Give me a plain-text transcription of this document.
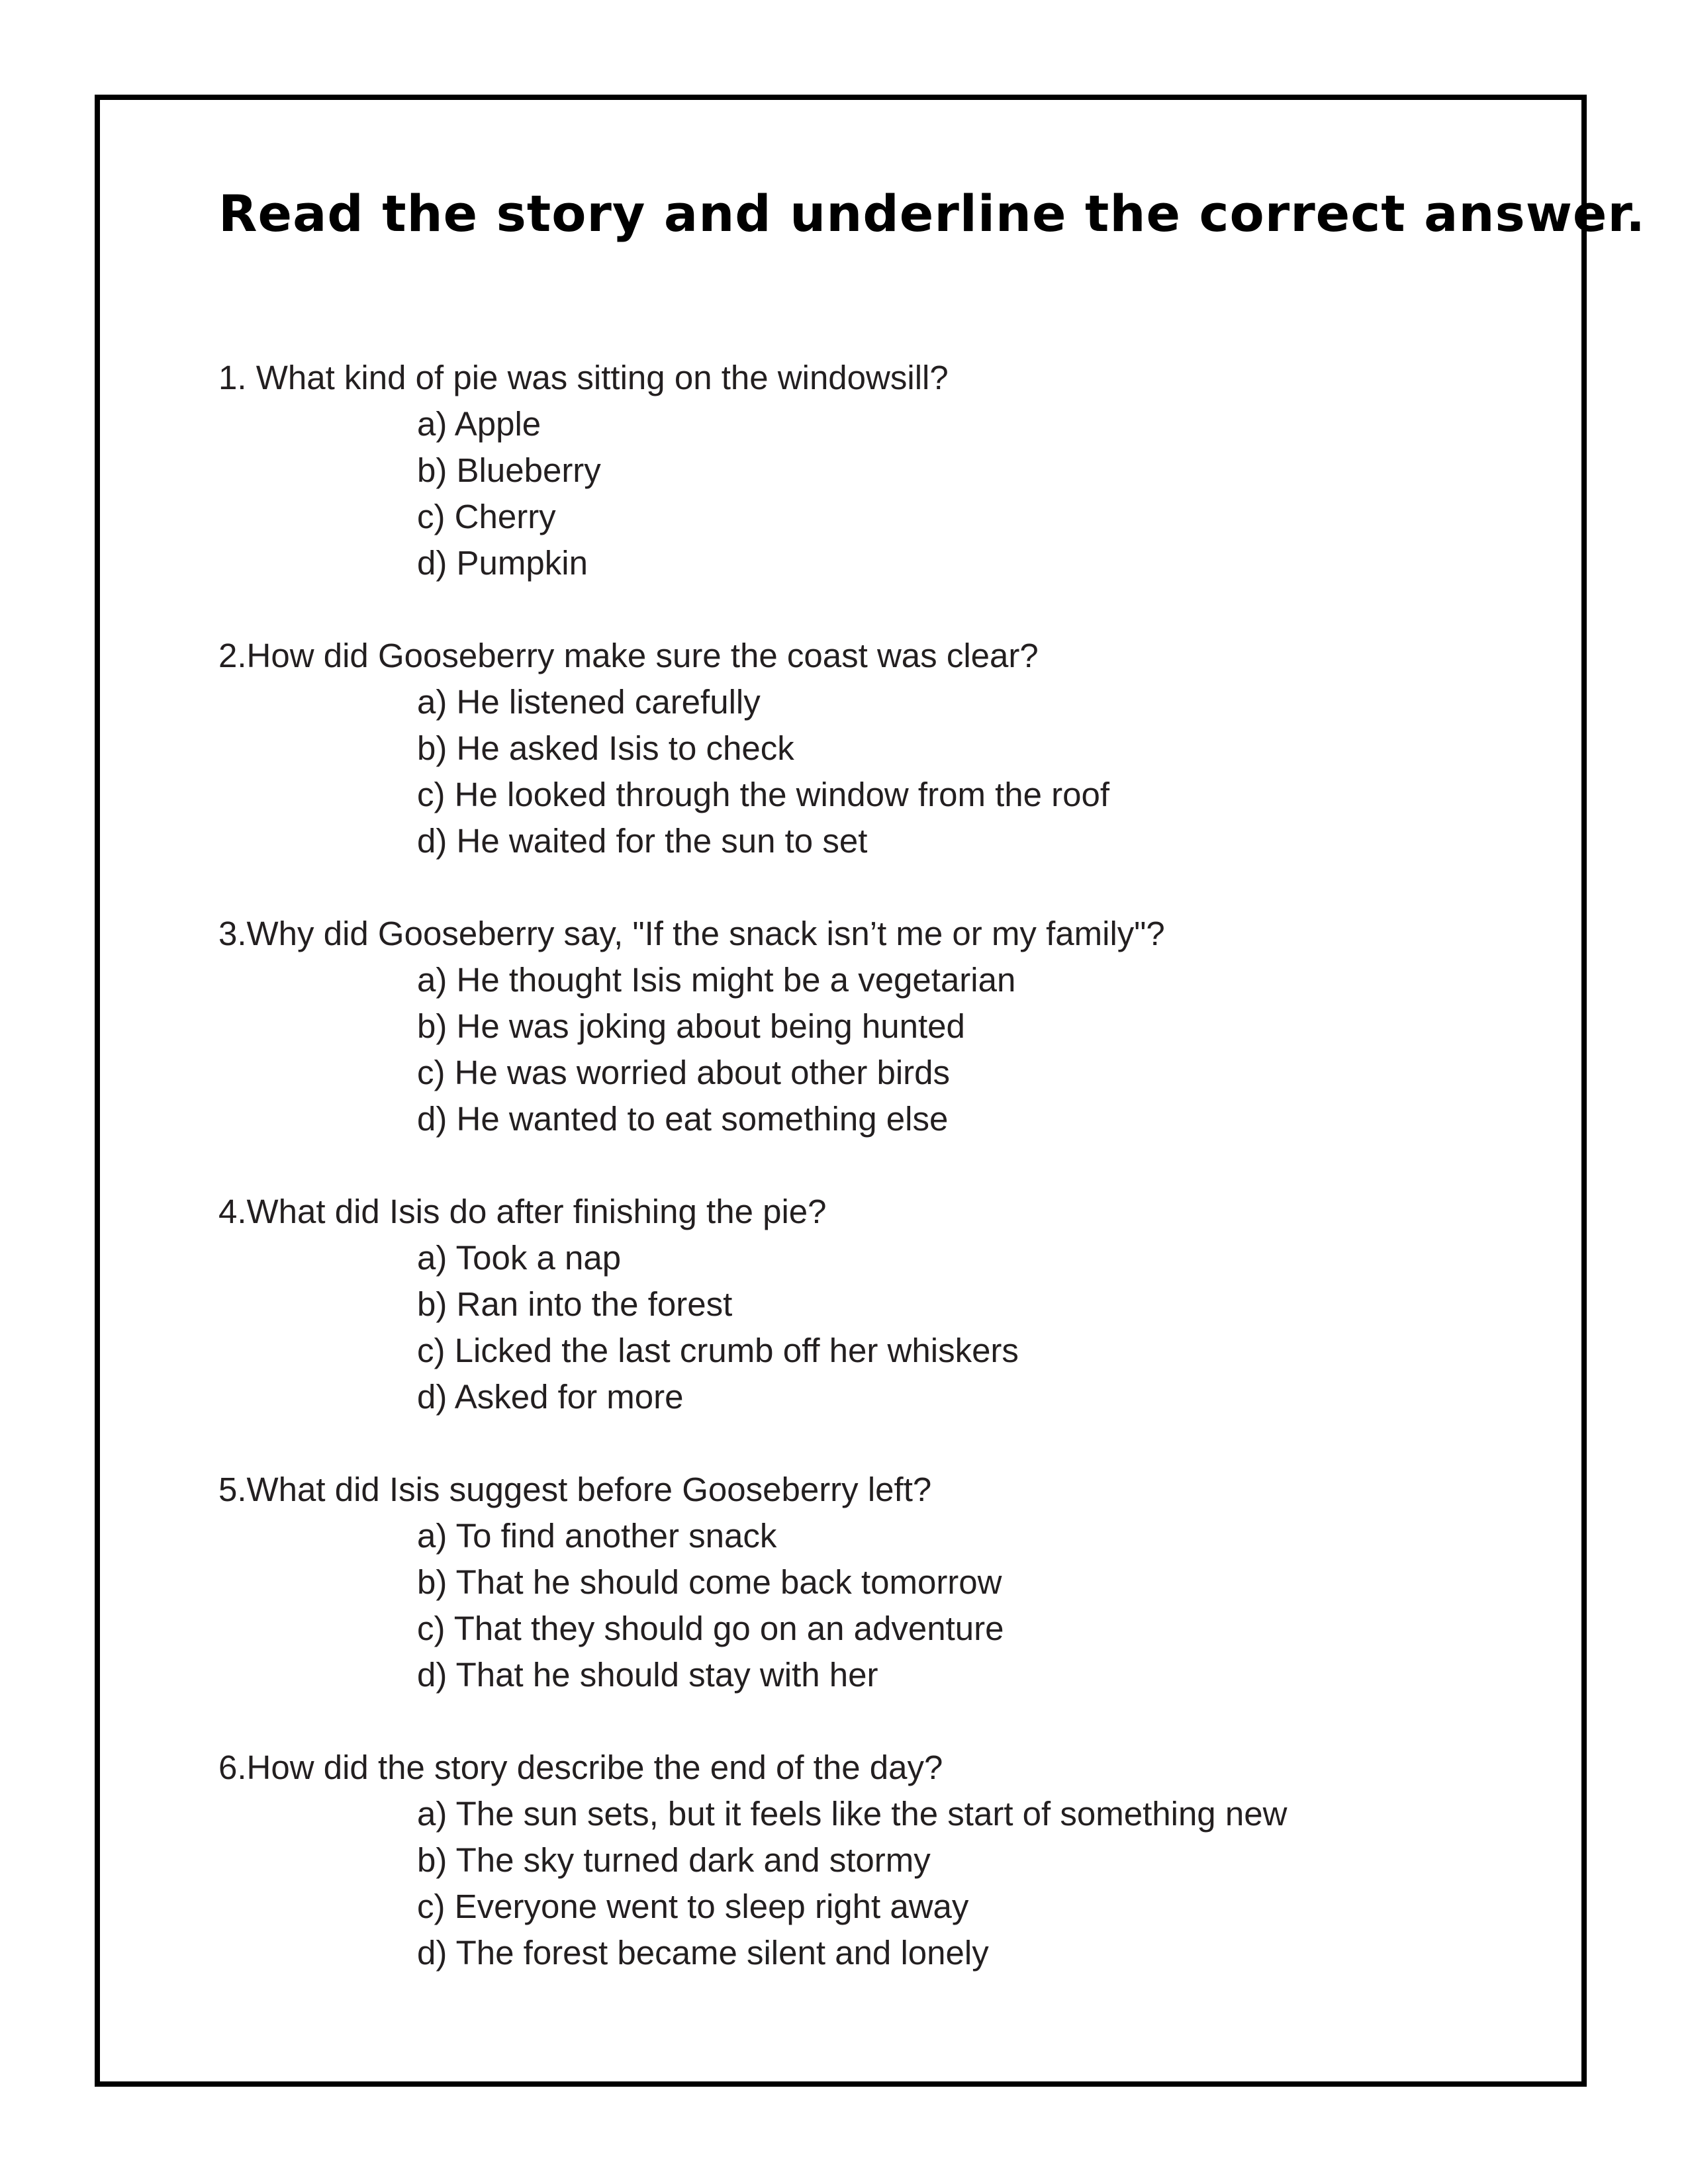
Read the story and underline the correct answer.
1. What kind of pie was sitting on the windowsill?
a) Apple
b) Blueberry
c) Cherry
d) Pumpkin
2.How did Gooseberry make sure the coast was clear?
a) He listened carefully
b) He asked Isis to check
c) He looked through the window from the roof
d) He waited for the sun to set
3.Why did Gooseberry say, "If the snack isn’t me or my family"?
a) He thought Isis might be a vegetarian
b) He was joking about being hunted
c) He was worried about other birds
d) He wanted to eat something else
4.What did Isis do after finishing the pie?
a) Took a nap
b) Ran into the forest
c) Licked the last crumb off her whiskers
d) Asked for more
5.What did Isis suggest before Gooseberry left?
a) To find another snack
b) That he should come back tomorrow
c) That they should go on an adventure
d) That he should stay with her
6.How did the story describe the end of the day?
a) The sun sets, but it feels like the start of something new
b) The sky turned dark and stormy
c) Everyone went to sleep right away
d) The forest became silent and lonely
